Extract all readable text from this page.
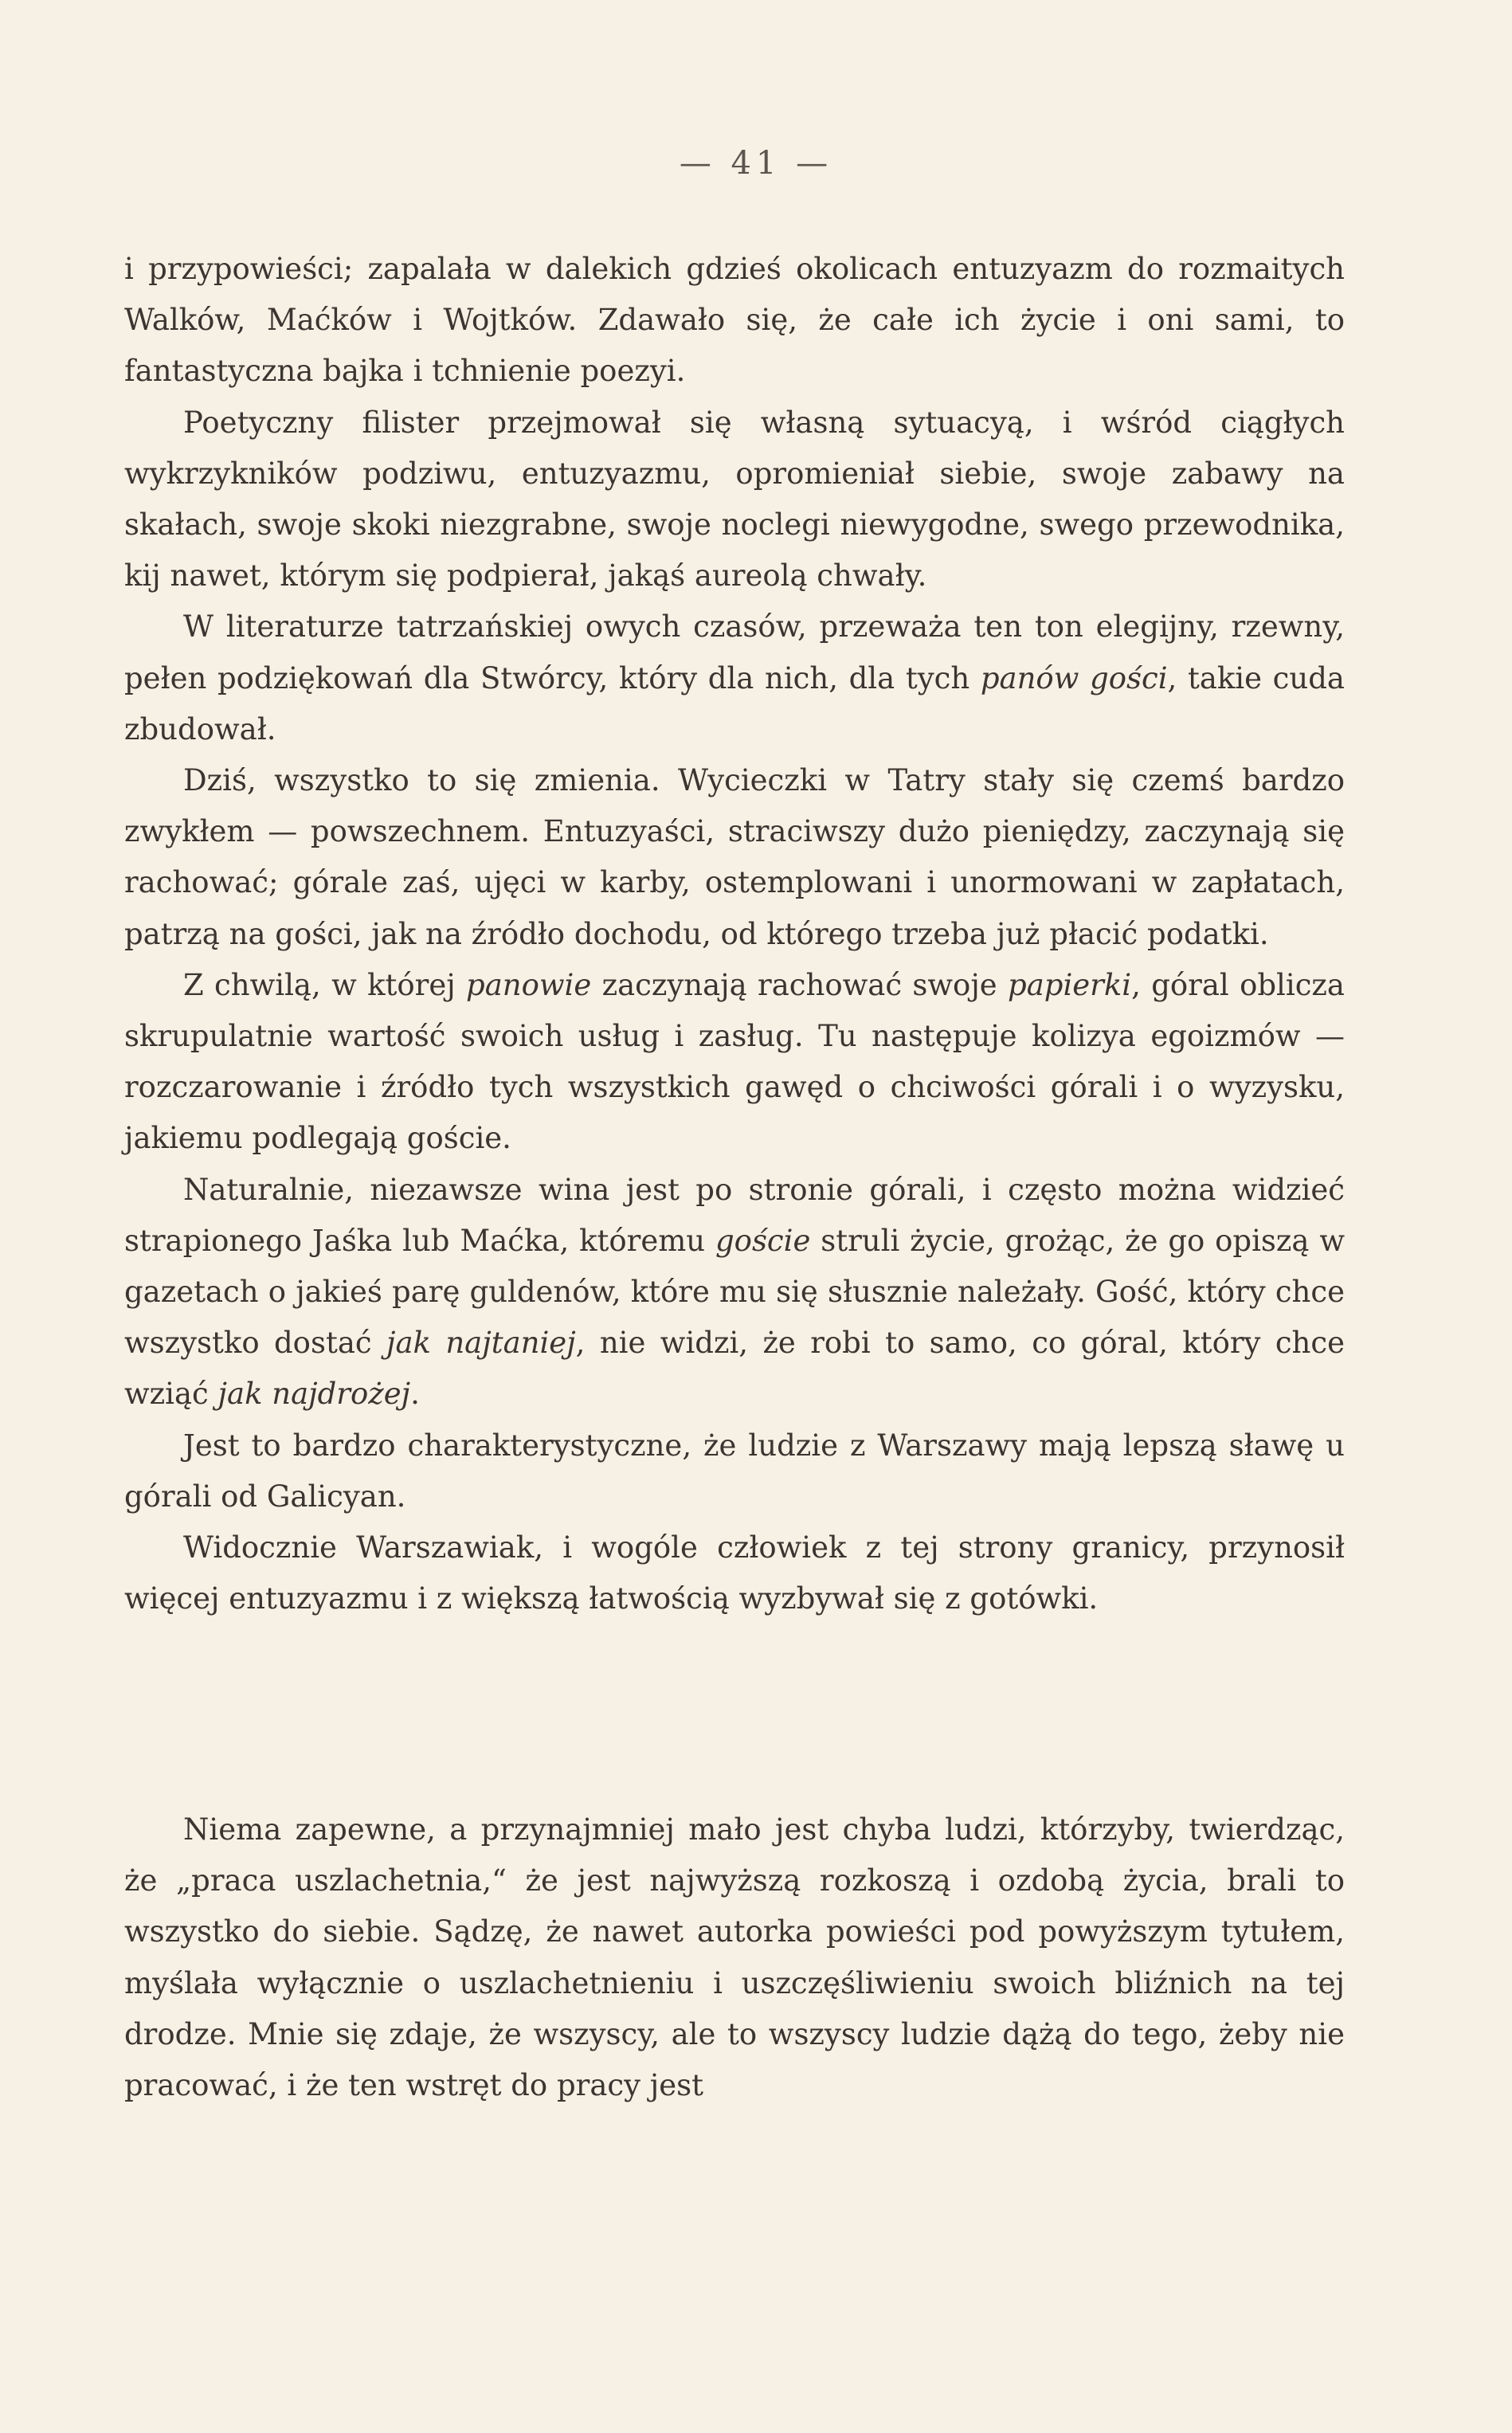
— 41 —

i przypowieści; zapalała w dalekich gdzieś okolicach entuzyazm do rozmaitych Walków, Maćków i Wojtków. Zdawało się, że całe ich życie i oni sami, to fantastyczna bajka i tchnienie poezyi.

Poetyczny filister przejmował się własną sytuacyą, i wśród ciągłych wykrzykników podziwu, entuzyazmu, opromieniał siebie, swoje zabawy na skałach, swoje skoki niezgrabne, swoje noclegi niewygodne, swego przewodnika, kij nawet, którym się podpierał, jakąś aureolą chwały.

W literaturze tatrzańskiej owych czasów, przeważa ten ton elegijny, rzewny, pełen podziękowań dla Stwórcy, który dla nich, dla tych panów gości, takie cuda zbudował.

Dziś, wszystko to się zmienia. Wycieczki w Tatry stały się czemś bardzo zwykłem — powszechnem. Entuzyaści, straciwszy dużo pieniędzy, zaczynają się rachować; górale zaś, ujęci w karby, ostemplowani i unormowani w zapłatach, patrzą na gości, jak na źródło dochodu, od którego trzeba już płacić podatki.

Z chwilą, w której panowie zaczynają rachować swoje papierki, góral oblicza skrupulatnie wartość swoich usług i zasług. Tu następuje kolizya egoizmów — rozczarowanie i źródło tych wszystkich gawęd o chciwości górali i o wyzysku, jakiemu podlegają goście.

Naturalnie, niezawsze wina jest po stronie górali, i często można widzieć strapionego Jaśka lub Maćka, któremu goście struli życie, grożąc, że go opiszą w gazetach o jakieś parę guldenów, które mu się słusznie należały. Gość, który chce wszystko dostać jak najtaniej, nie widzi, że robi to samo, co góral, który chce wziąć jak najdrożej.

Jest to bardzo charakterystyczne, że ludzie z Warszawy mają lepszą sławę u górali od Galicyan.

Widocznie Warszawiak, i wogóle człowiek z tej strony granicy, przynosił więcej entuzyazmu i z większą łatwością wyzbywał się z gotówki.

Niema zapewne, a przynajmniej mało jest chyba ludzi, którzyby, twierdząc, że „praca uszlachetnia,“ że jest najwyższą rozkoszą i ozdobą życia, brali to wszystko do siebie. Sądzę, że nawet autorka powieści pod powyższym tytułem, myślała wyłącznie o uszlachetnieniu i uszczęśliwieniu swoich bliźnich na tej drodze. Mnie się zdaje, że wszyscy, ale to wszyscy ludzie dążą do tego, żeby nie pracować, i że ten wstręt do pracy jest
